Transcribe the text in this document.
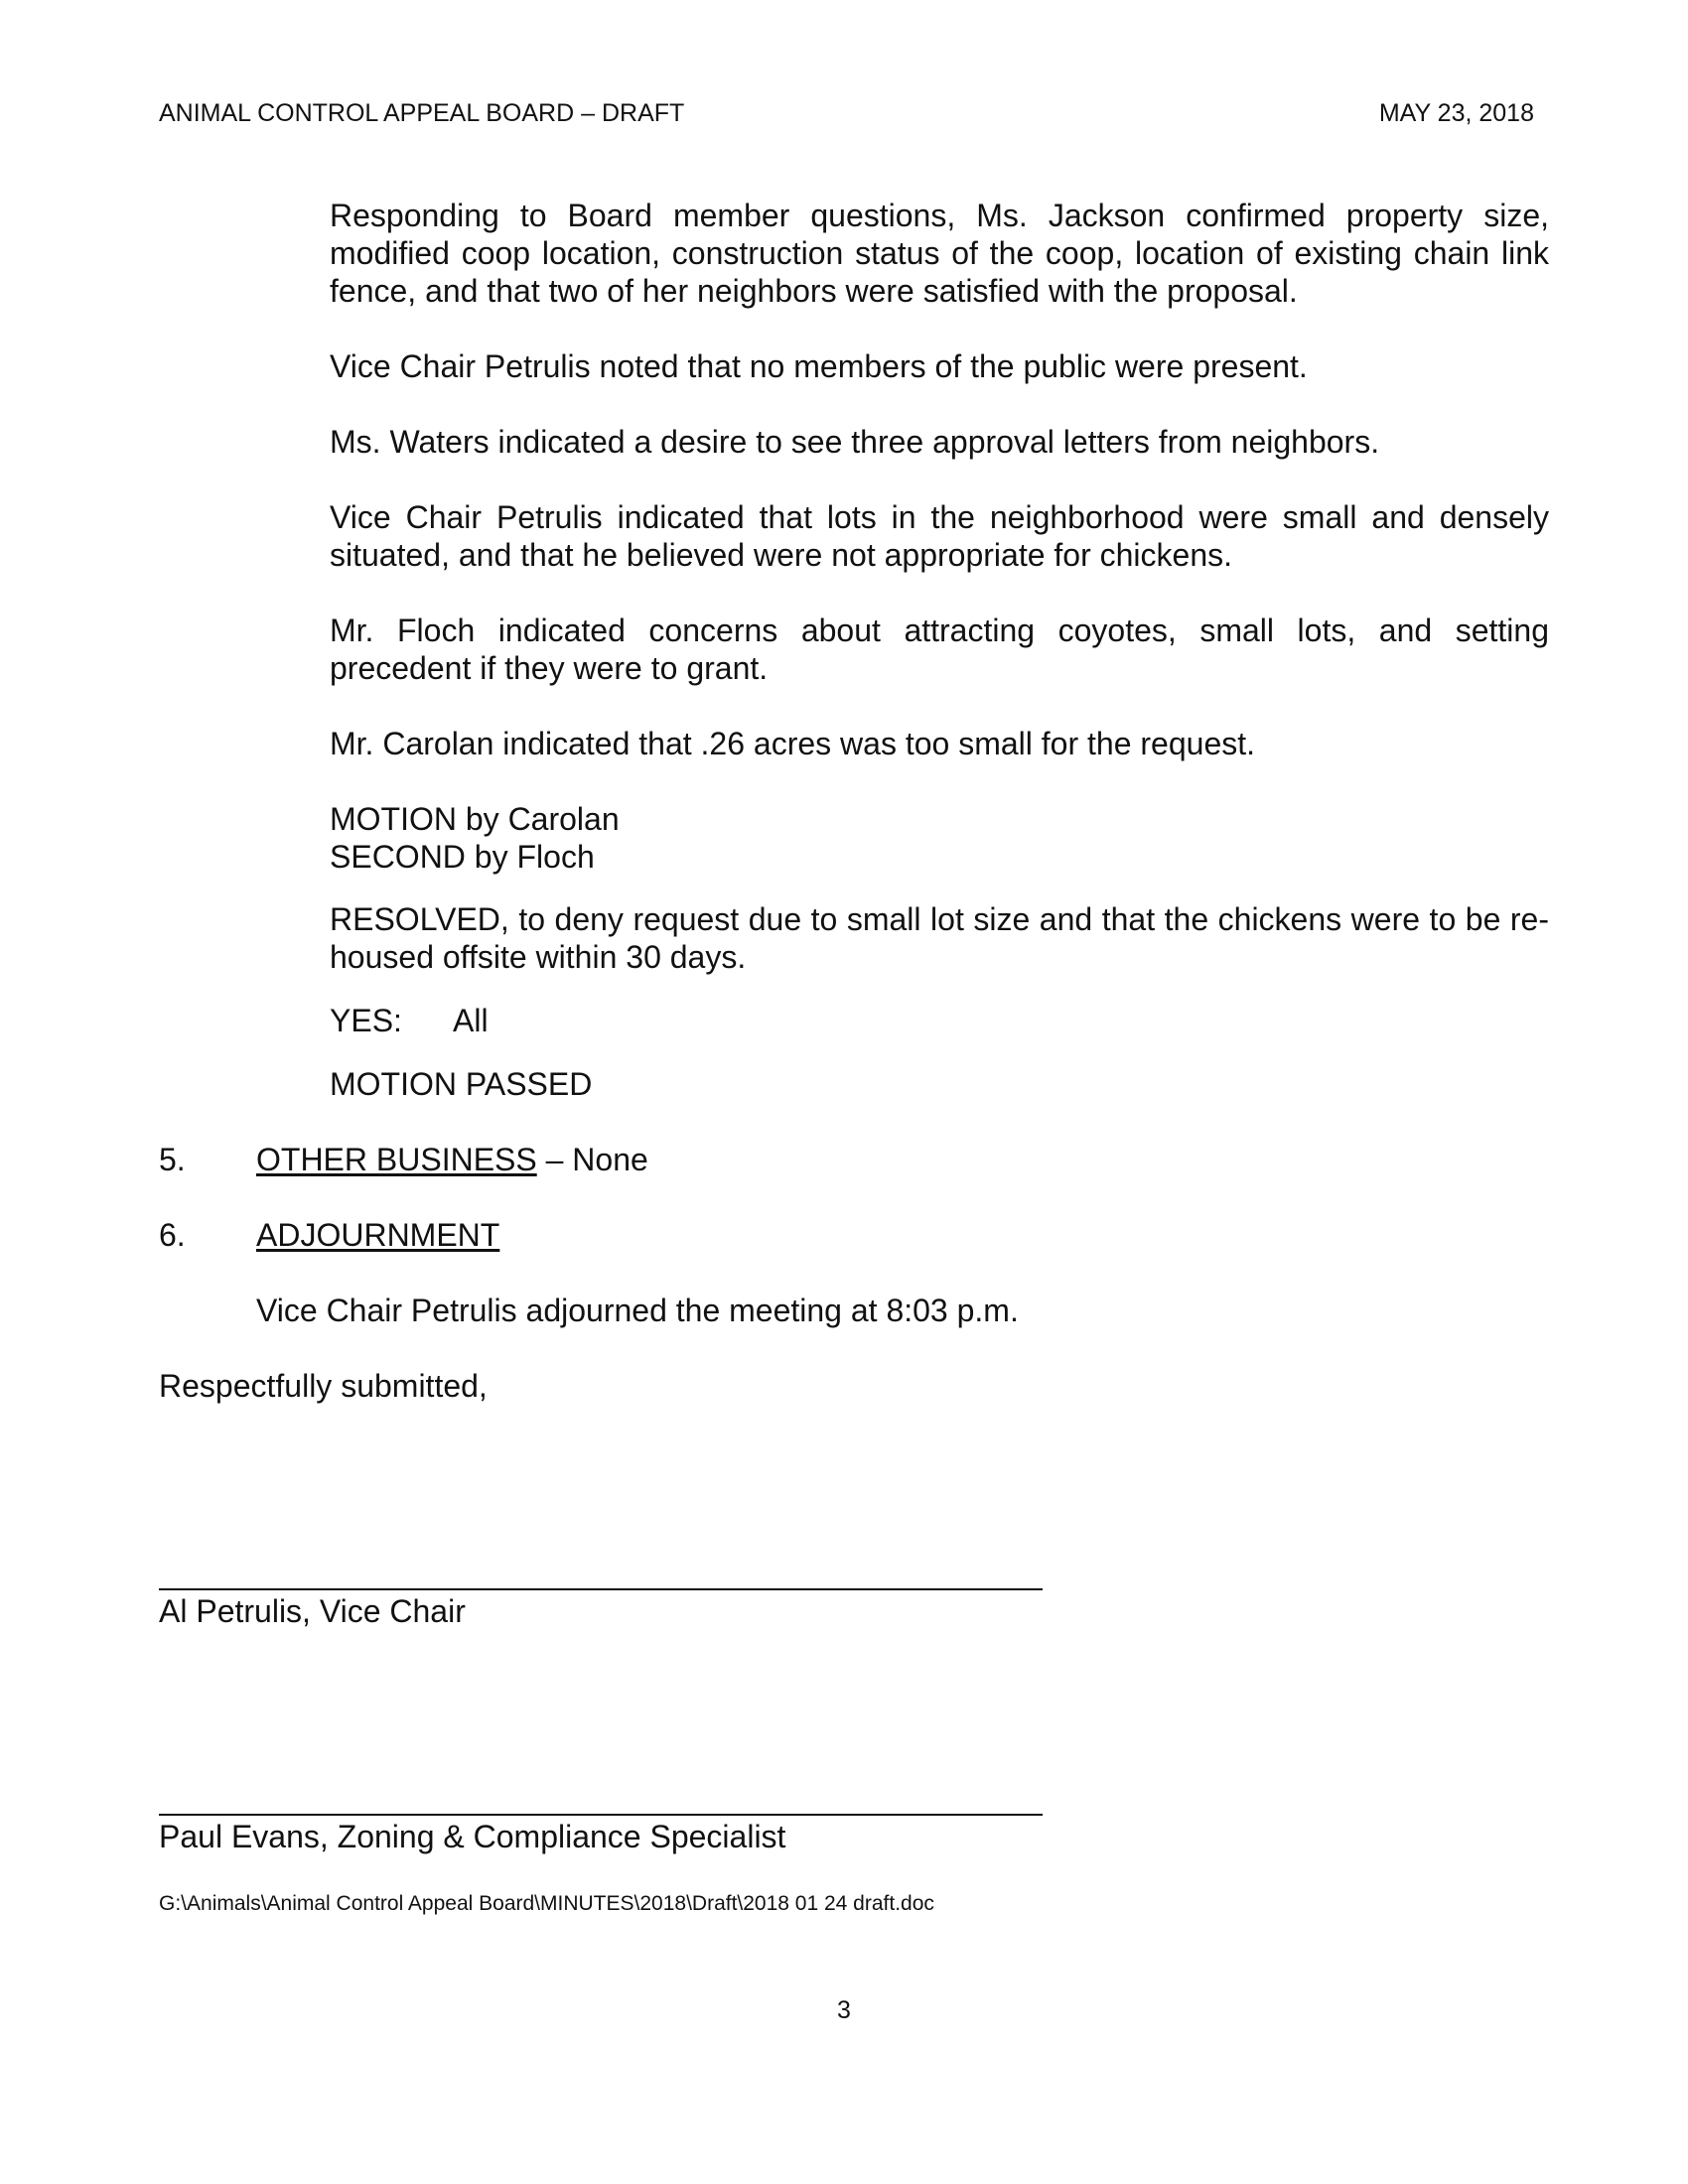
ANIMAL CONTROL APPEAL BOARD – DRAFT	MAY 23, 2018
Responding to Board member questions, Ms. Jackson confirmed property size, modified coop location, construction status of the coop, location of existing chain link fence, and that two of her neighbors were satisfied with the proposal.
Vice Chair Petrulis noted that no members of the public were present.
Ms. Waters indicated a desire to see three approval letters from neighbors.
Vice Chair Petrulis indicated that lots in the neighborhood were small and densely situated, and that he believed were not appropriate for chickens.
Mr. Floch indicated concerns about attracting coyotes, small lots, and setting precedent if they were to grant.
Mr. Carolan indicated that .26 acres was too small for the request.
MOTION by Carolan
SECOND by Floch
RESOLVED, to deny request due to small lot size and that the chickens were to be re-housed offsite within 30 days.
YES: All
MOTION PASSED
5. OTHER BUSINESS – None
6. ADJOURNMENT
Vice Chair Petrulis adjourned the meeting at 8:03 p.m.
Respectfully submitted,
Al Petrulis, Vice Chair
Paul Evans, Zoning & Compliance Specialist
G:\Animals\Animal Control Appeal Board\MINUTES\2018\Draft\2018 01 24 draft.doc
3
